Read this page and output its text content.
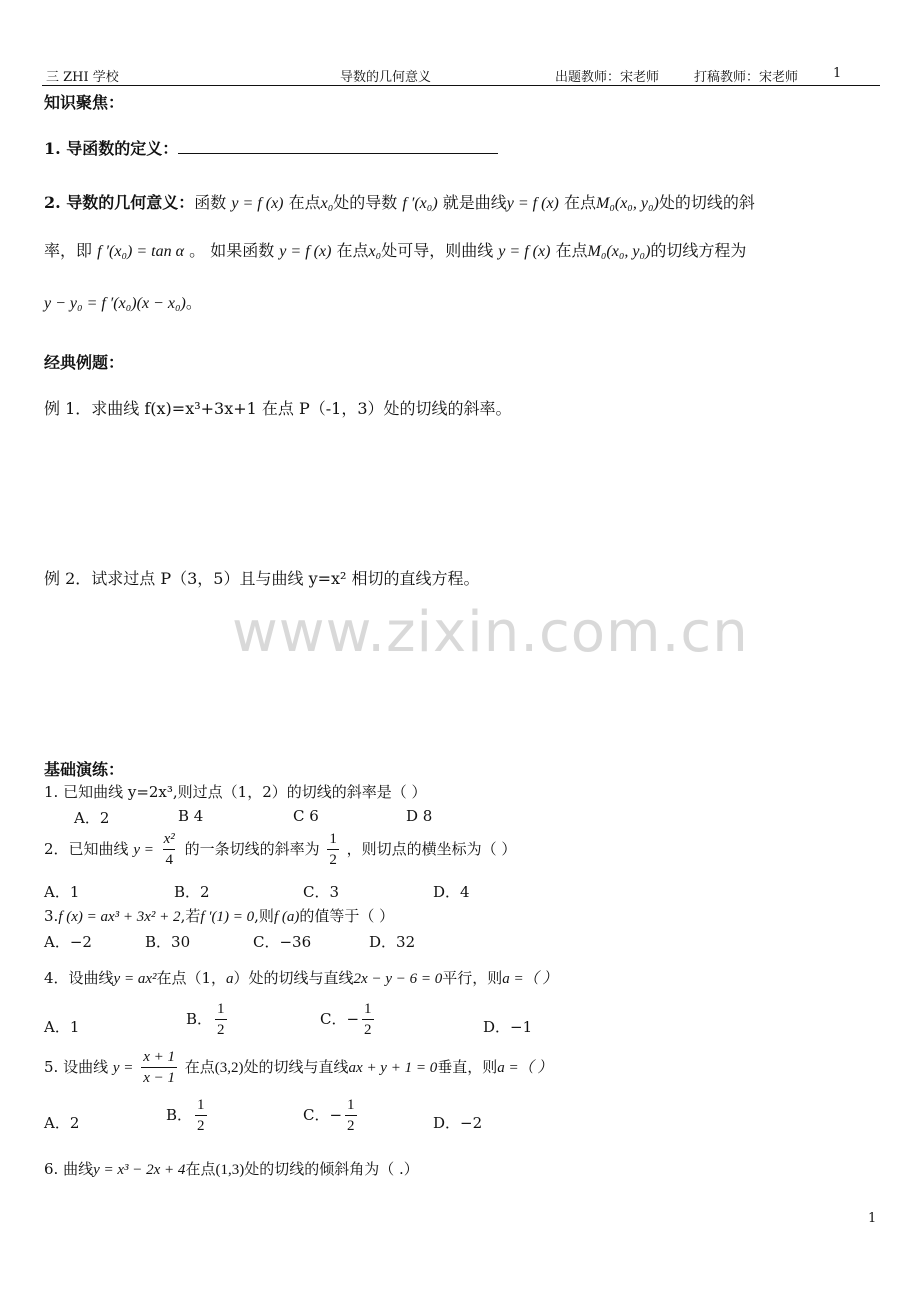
三 ZHI 学校	导数的几何意义	出题教师：宋老师	打稿教师：宋老师	1
知识聚焦：
1. 导函数的定义：
2. 导数的几何意义：函数 y = f (x) 在点x₀处的导数 f ′(x₀) 就是曲线y = f (x) 在点M₀(x₀, y₀)处的切线的斜
率，即 f ′(x₀) = tan α 。 如果函数 y = f (x) 在点x₀处可导，则曲线 y = f (x) 在点M₀(x₀, y₀)的切线方程为
y − y₀ = f ′(x₀)(x − x₀)。
经典例题：
例 1．求曲线 f(x)=x³+3x+1 在点 P（-1，3）处的切线的斜率。
例 2．试求过点 P（3，5）且与曲线 y=x² 相切的直线方程。
www.zixin.com.cn
基础演练：
1. 已知曲线 y=2x³,则过点（1，2）的切线的斜率是（ ）
A．2	B 4	C 6	D 8
2．已知曲线 $y = \frac{\text{x²}}{4}$ 的一条切线的斜率为 $\frac{1}{2}$ ，则切点的横坐标为（ ）
A．1	B．2	C．3	D．4
3.f (x) = ax³ + 3x² + 2,若f ′(1) = 0,则f (a)的值等于（ ）
A．−2	B．30	C．−36	D．32
4．设曲线y = ax²在点（1，a）处的切线与直线2x − y − 6 = 0平行，则a =（ ）
A．1	B． $\frac{1}{2}$	C．− $\frac{1}{2}$	D．−1
5. 设曲线 $y = \frac{x + 1}{x - 1}$ 在点(3,2)处的切线与直线ax + y + 1 = 0垂直，则a =（ ）
A．2	B． $\frac{1}{2}$	C．− $\frac{1}{2}$	D．−2
6. 曲线y = x³ − 2x + 4在点(1,3)处的切线的倾斜角为（ .）
1
